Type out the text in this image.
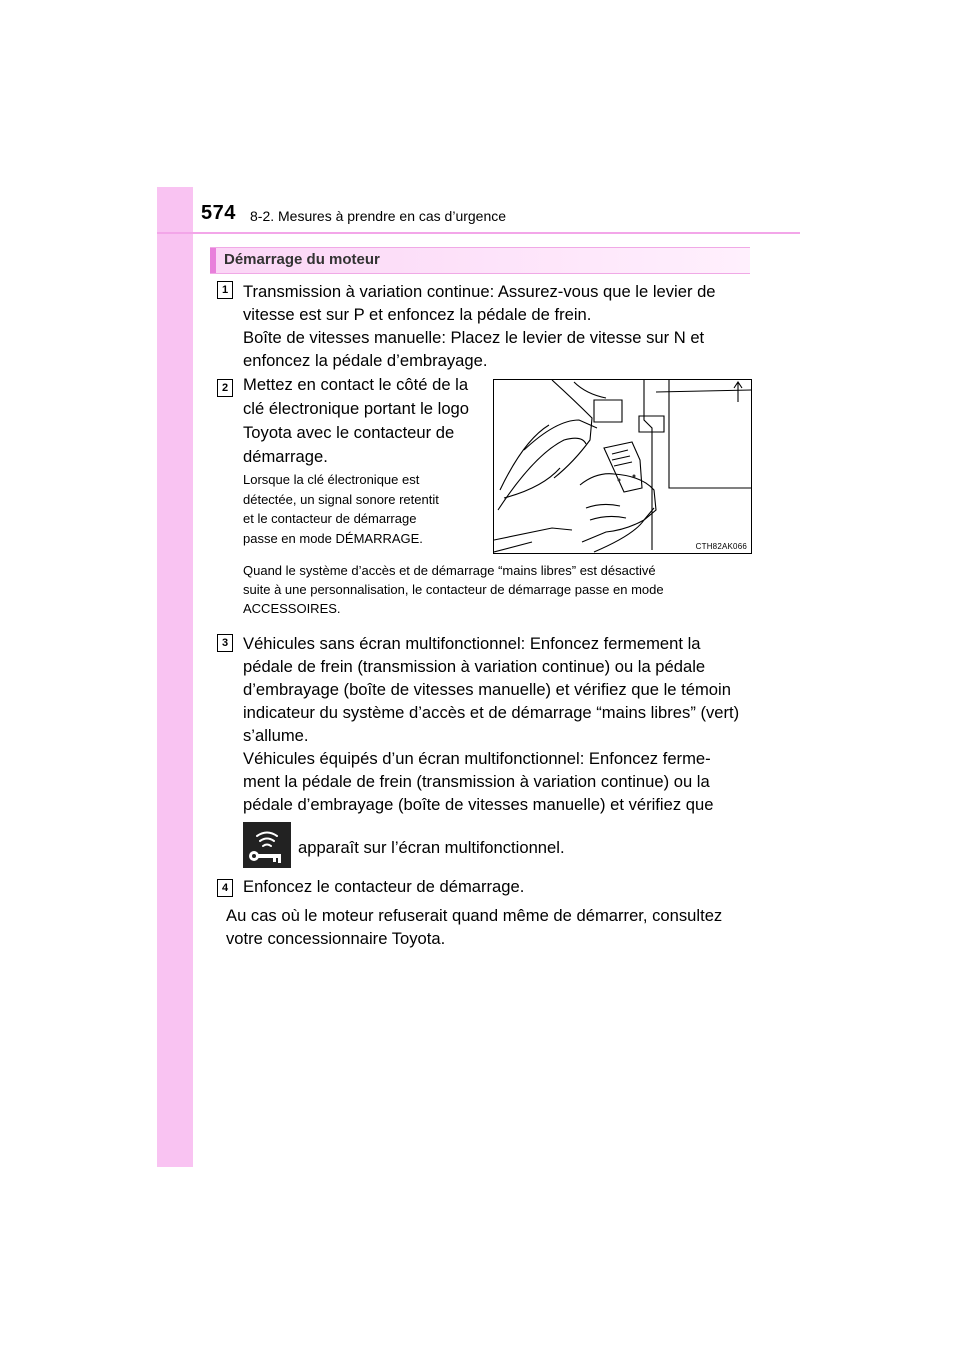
574 8-2. Mesures à prendre en cas d’urgence
Démarrage du moteur
1 Transmission à variation continue: Assurez-vous que le levier de
vitesse est sur P et enfoncez la pédale de frein.
Boîte de vitesses manuelle: Placez le levier de vitesse sur N et
enfoncez la pédale d’embrayage.
2 Mettez en contact le côté de la
clé électronique portant le logo
Toyota avec le contacteur de
démarrage.
Lorsque la clé électronique est
détectée, un signal sonore retentit
et le contacteur de démarrage
passe en mode DÉMARRAGE.
CTH82AK066
Quand le système d’accès et de démarrage “mains libres” est désactivé
suite à une personnalisation, le contacteur de démarrage passe en mode
ACCESSOIRES.
3 Véhicules sans écran multifonctionnel: Enfoncez fermement la
pédale de frein (transmission à variation continue) ou la pédale
d’embrayage (boîte de vitesses manuelle) et vérifiez que le témoin
indicateur du système d’accès et de démarrage “mains libres” (vert)
s’allume.
Véhicules équipés d’un écran multifonctionnel: Enfoncez ferme-
ment la pédale de frein (transmission à variation continue) ou la
pédale d’embrayage (boîte de vitesses manuelle) et vérifiez que
apparaît sur l’écran multifonctionnel.
4 Enfoncez le contacteur de démarrage.
Au cas où le moteur refuserait quand même de démarrer, consultez
votre concessionnaire Toyota.
